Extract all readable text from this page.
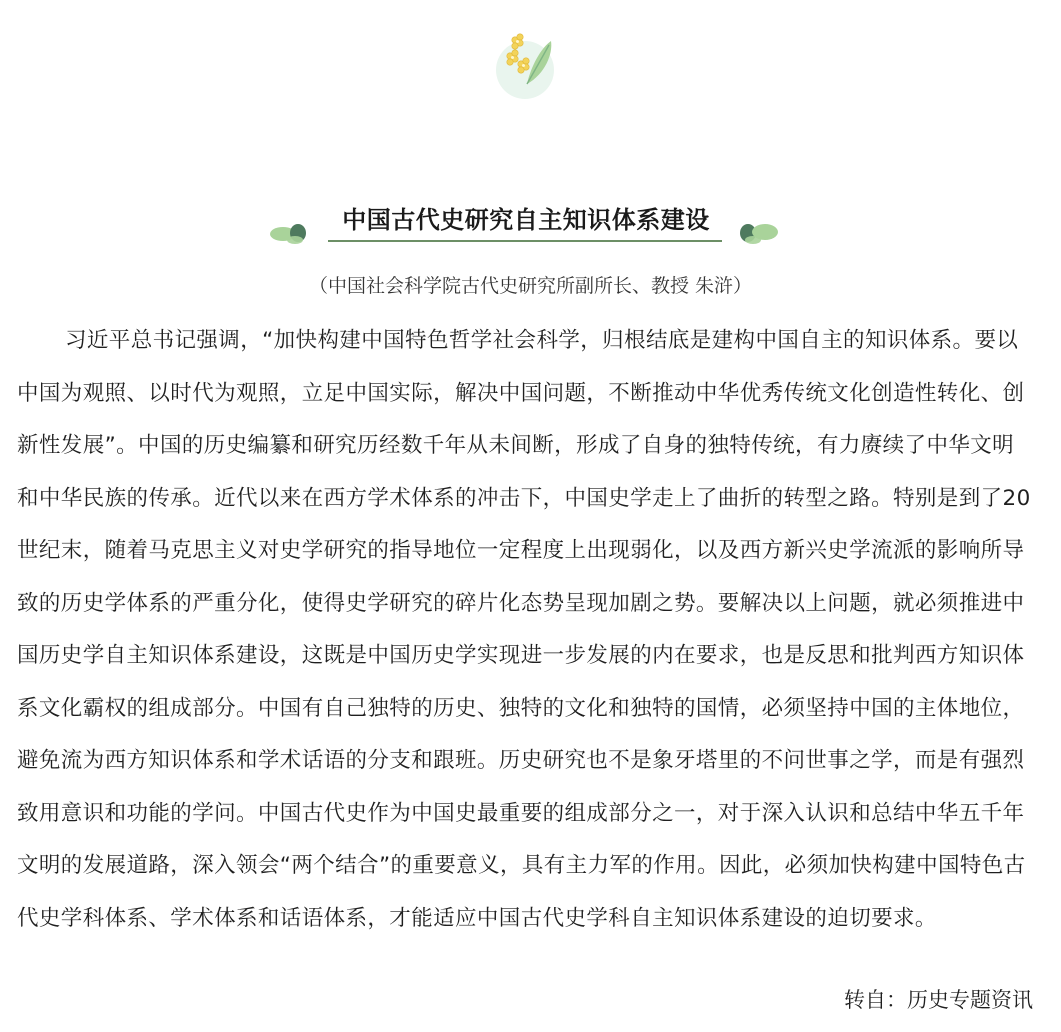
中国古代史研究自主知识体系建设
（中国社会科学院古代史研究所副所长、教授 朱浒）

习近平总书记强调，“加快构建中国特色哲学社会科学，归根结底是建构中国自主的知识体系。要以中国为观照、以时代为观照，立足中国实际，解决中国问题，不断推动中华优秀传统文化创造性转化、创新性发展”。中国的历史编纂和研究历经数千年从未间断，形成了自身的独特传统，有力赓续了中华文明和中华民族的传承。近代以来在西方学术体系的冲击下，中国史学走上了曲折的转型之路。特别是到了20世纪末，随着马克思主义对史学研究的指导地位一定程度上出现弱化，以及西方新兴史学流派的影响所导致的历史学体系的严重分化，使得史学研究的碎片化态势呈现加剧之势。要解决以上问题，就必须推进中国历史学自主知识体系建设，这既是中国历史学实现进一步发展的内在要求，也是反思和批判西方知识体系文化霸权的组成部分。中国有自己独特的历史、独特的文化和独特的国情，必须坚持中国的主体地位，避免流为西方知识体系和学术话语的分支和跟班。历史研究也不是象牙塔里的不问世事之学，而是有强烈致用意识和功能的学问。中国古代史作为中国史最重要的组成部分之一，对于深入认识和总结中华五千年文明的发展道路，深入领会“两个结合”的重要意义，具有主力军的作用。因此，必须加快构建中国特色古代史学科体系、学术体系和话语体系，才能适应中国古代史学科自主知识体系建设的迫切要求。

转自：历史专题资讯
